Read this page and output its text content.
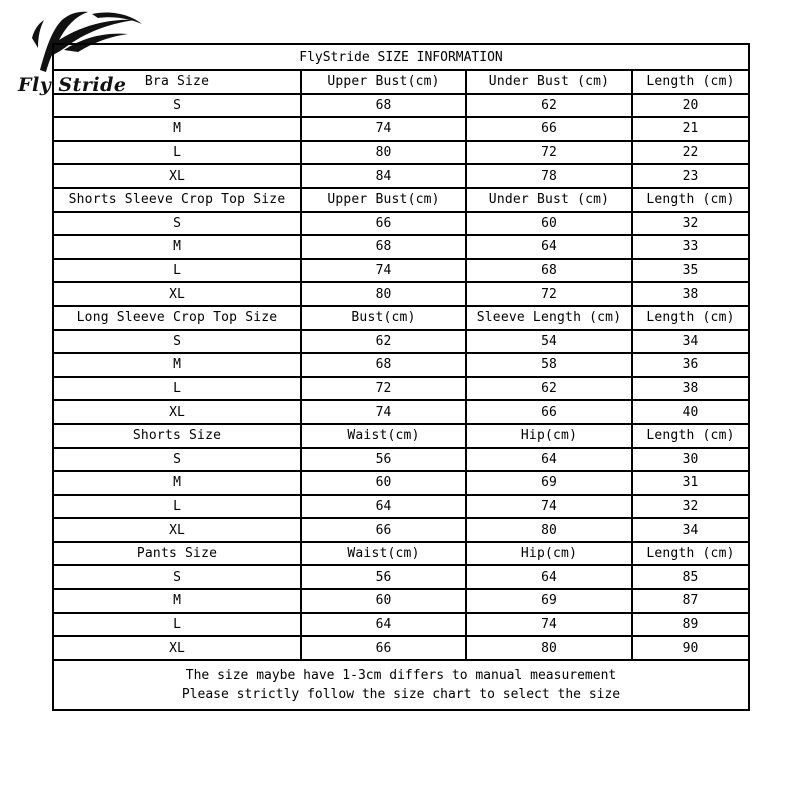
Fly Stride
FlyStride SIZE INFORMATION			
Bra Size	Upper Bust(cm)	Under Bust (cm)	Length (cm)
S	68	62	20
M	74	66	21
L	80	72	22
XL	84	78	23
Shorts Sleeve Crop Top Size	Upper Bust(cm)	Under Bust (cm)	Length (cm)
S	66	60	32
M	68	64	33
L	74	68	35
XL	80	72	38
Long Sleeve Crop Top Size	Bust(cm)	Sleeve Length (cm)	Length (cm)
S	62	54	34
M	68	58	36
L	72	62	38
XL	74	66	40
Shorts Size	Waist(cm)	Hip(cm)	Length (cm)
S	56	64	30
M	60	69	31
L	64	74	32
XL	66	80	34
Pants Size	Waist(cm)	Hip(cm)	Length (cm)
S	56	64	85
M	60	69	87
L	64	74	89
XL	66	80	90

The size maybe have 1-3cm differs to manual measurement
Please strictly follow the size chart to select the size			
